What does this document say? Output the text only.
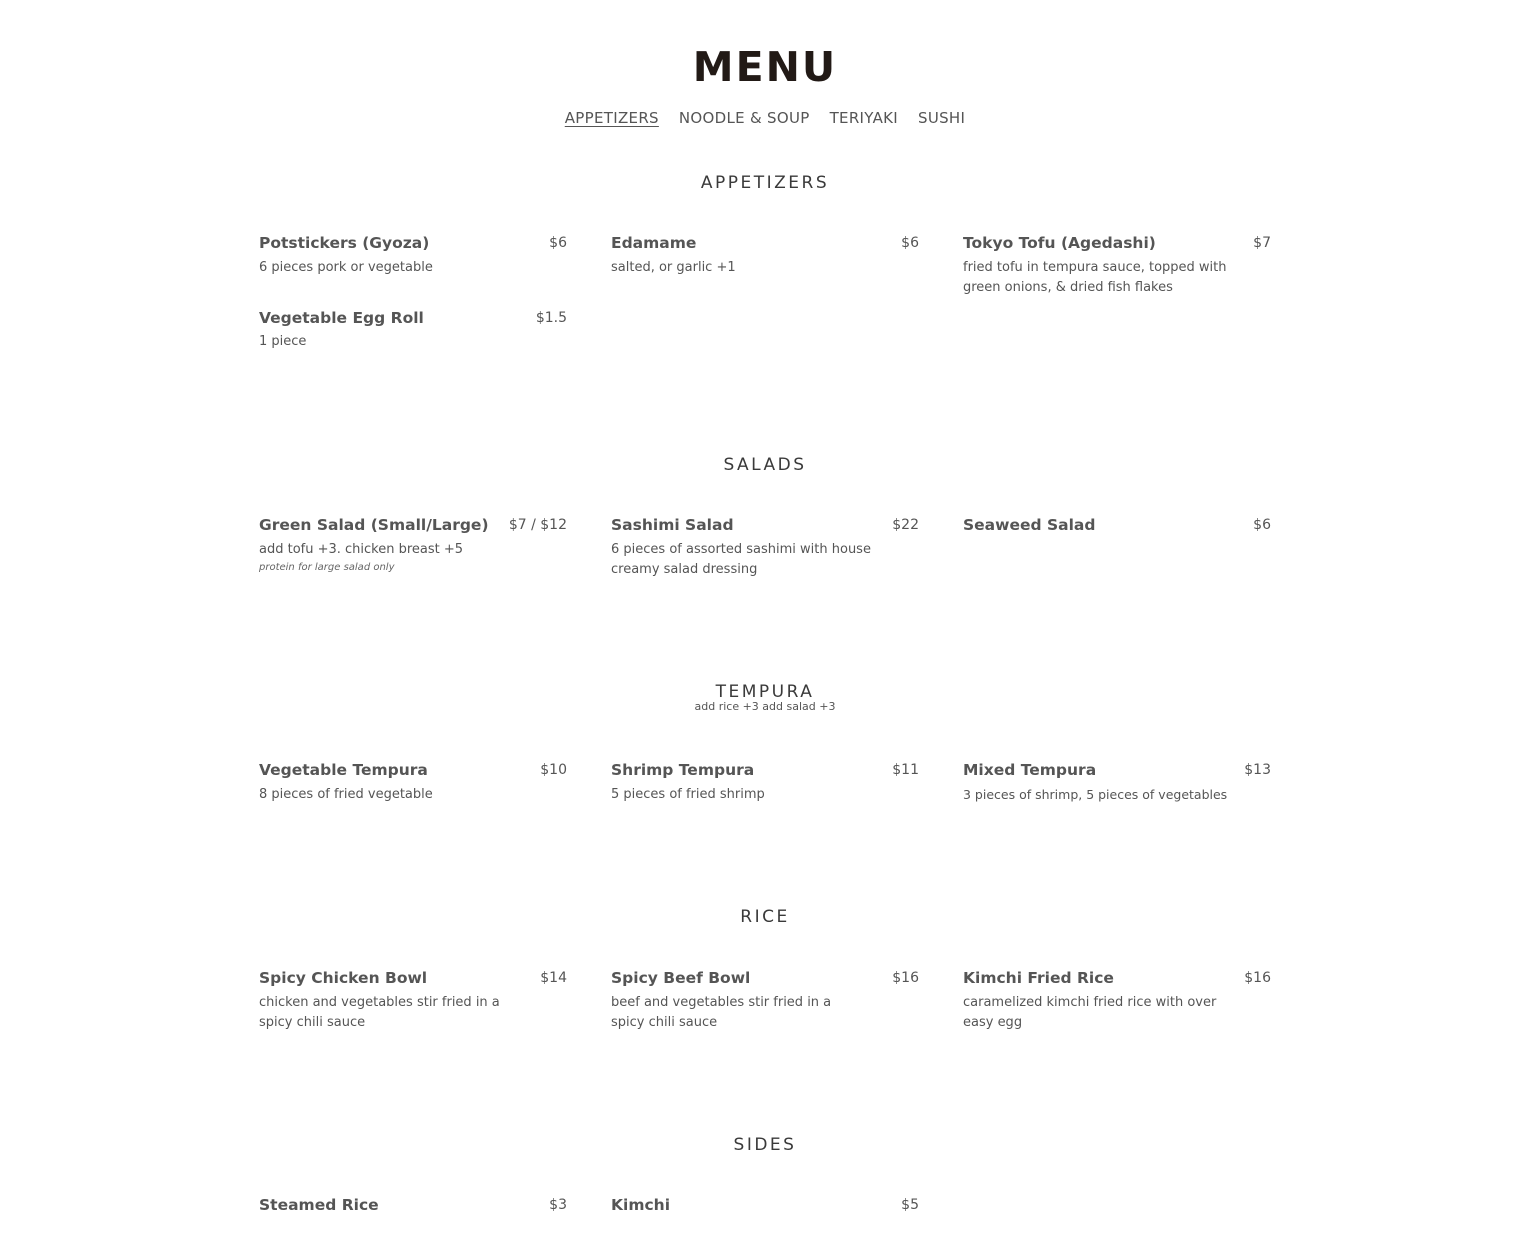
MENU
APPETIZERS NOODLE & SOUP TERIYAKI SUSHI
APPETIZERS
Potstickers (Gyoza)	$6
6 pieces pork or vegetable
Edamame	$6
salted, or garlic +1
Tokyo Tofu (Agedashi)	$7
fried tofu in tempura sauce, topped with green onions, & dried fish flakes
Vegetable Egg Roll	$1.5
1 piece
SALADS
Green Salad (Small/Large) $7 / $12
add tofu +3. chicken breast +5
protein for large salad only
Sashimi Salad	$22
6 pieces of assorted sashimi with house creamy salad dressing
Seaweed Salad	$6
TEMPURA
add rice +3 add salad +3
Vegetable Tempura	$10
8 pieces of fried vegetable
Shrimp Tempura	$11
5 pieces of fried shrimp
Mixed Tempura	$13
3 pieces of shrimp, 5 pieces of vegetables
RICE
Spicy Chicken Bowl	$14
chicken and vegetables stir fried in a spicy chili sauce
Spicy Beef Bowl	$16
beef and vegetables stir fried in a spicy chili sauce
Kimchi Fried Rice	$16
caramelized kimchi fried rice with over easy egg
SIDES
Steamed Rice	$3	Kimchi	$5
